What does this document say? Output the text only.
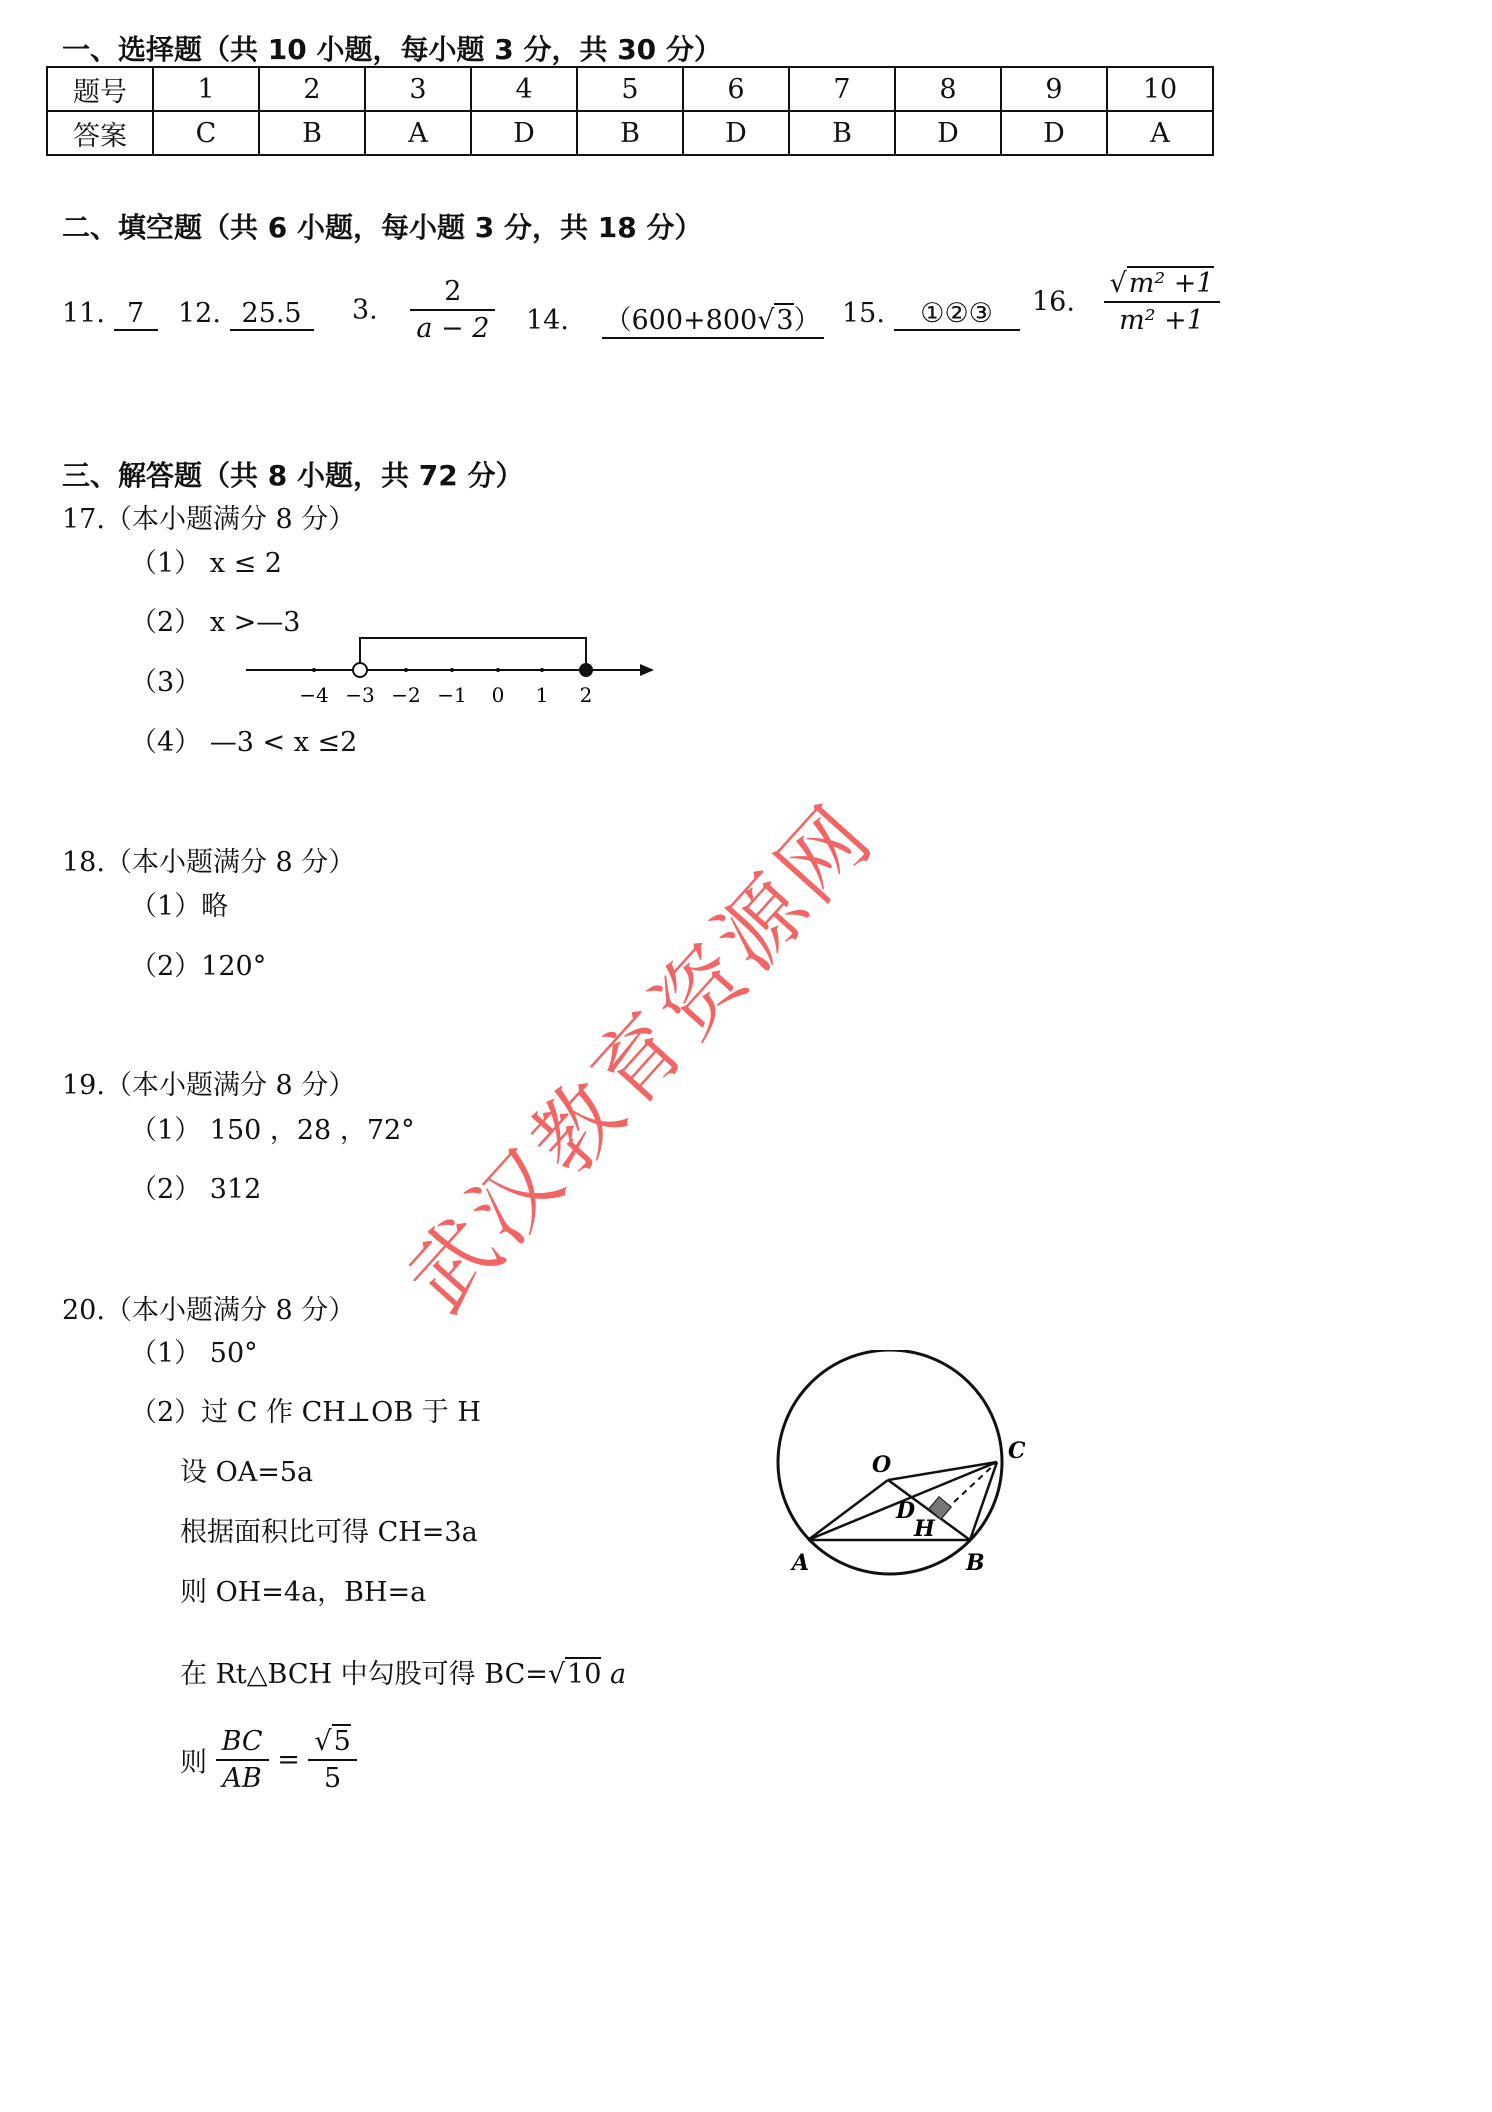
一、选择题（共 10 小题，每小题 3 分，共 30 分）
题号	1	2	3	4	5	6	7	8	9	10
答案	C	B	A	D	B	D	B	D	D	A
二、填空题（共 6 小题，每小题 3 分，共 18 分）
11. 7	12. 25.5	3. $\frac{2}{a - 2} 14$. （600+800√3） 15. ①②③	16. $\frac{\text{√m² +1}}{\text{m² +1}}$
三、解答题（共 8 小题，共 72 分）
17.（本小题满分 8 分）
（1） x ≤ 2
（2） x >—3
（3）	−4 −3 −2 −1 0 1 2
（4） —3 < x ≤2
18.（本小题满分 8 分）
（1）略
（2）120°
19.（本小题满分 8 分）
（1） 150 ，28 ，72°
（2） 312
20.（本小题满分 8 分）
（1） 50°
（2）过 C 作 CH⊥OB 于 H
设 OA=5a
根据面积比可得 CH=3a
则 OH=4a，BH=a
在 Rt△BCH 中勾股可得 BC=√10 a
则 $\frac{BC}{AB} = \frac{√5}{5}$
O
C
D
H
A	B
武汉教育资源网
